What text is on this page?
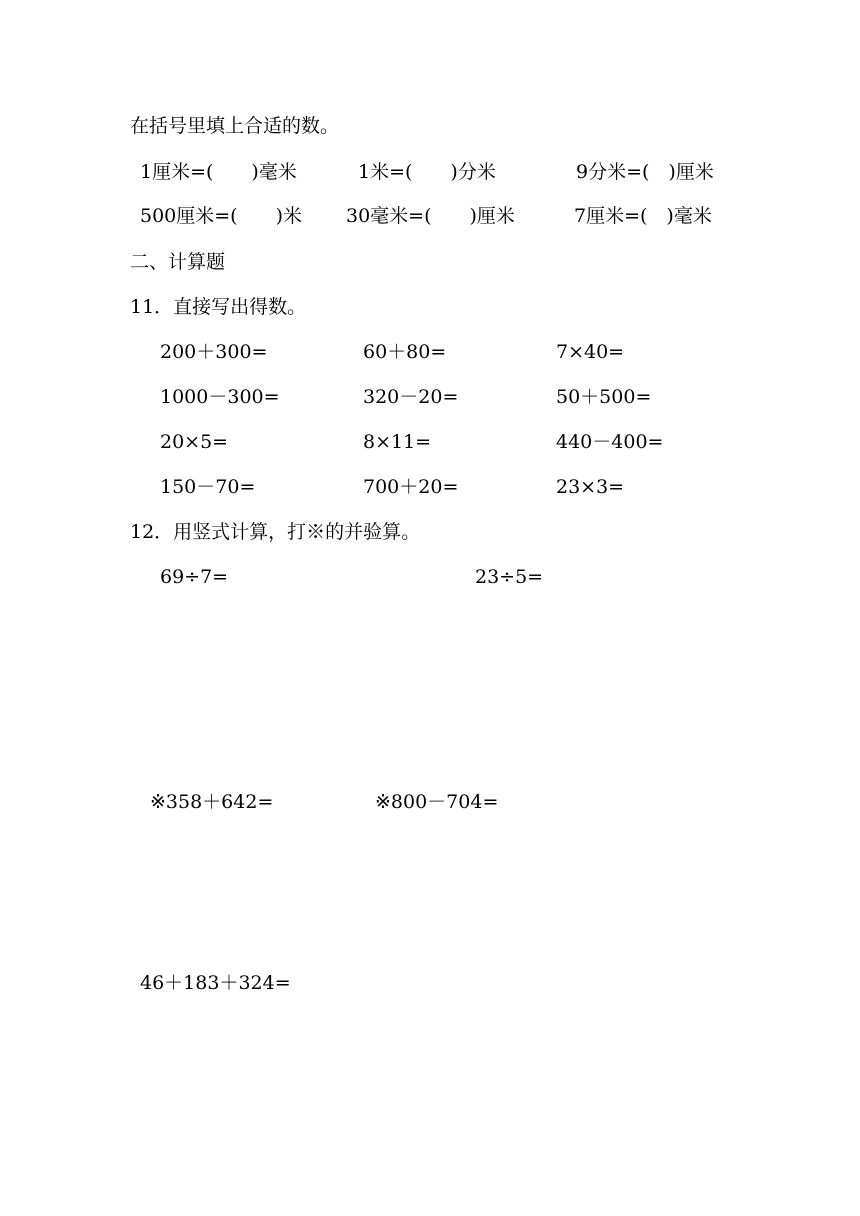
在括号里填上合适的数。
1厘米=(　　)毫米	1米=(　　)分米	9分米=(　)厘米
500厘米=(　　)米 30毫米=(　　)厘米	7厘米=(　)毫米
二、计算题
11．直接写出得数。
200＋300=	60＋80=	7×40=
1000－300=	320－20=	50＋500=
20×5=	8×11=	440－400=
150－70=	700＋20=	23×3=
12．用竖式计算，打※的并验算。
69÷7=	23÷5=
※358＋642=	※800－704=
46＋183＋324=
